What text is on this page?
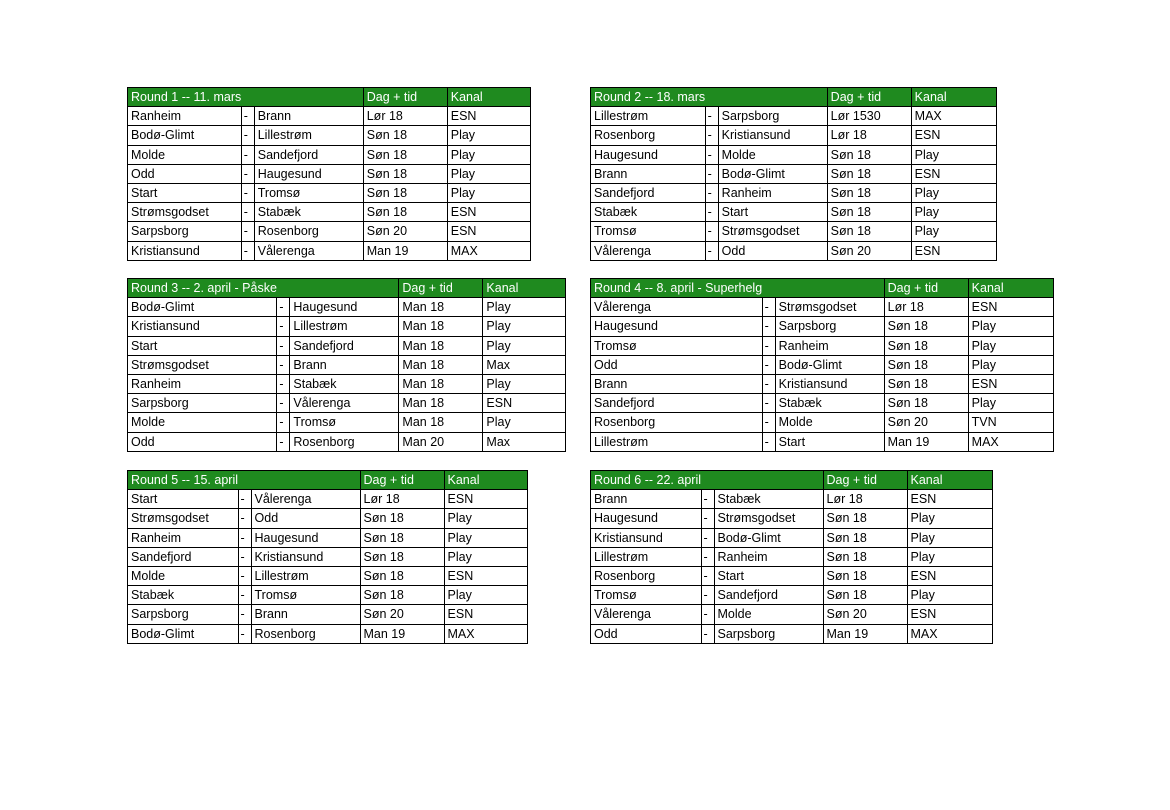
Round 1 -- 11. mars			Dag + tid	Kanal
Ranheim	-	Brann	Lør 18	ESN
Bodø-Glimt	-	Lillestrøm	Søn 18	Play
Molde	-	Sandefjord	Søn 18	Play
Odd	-	Haugesund	Søn 18	Play
Start	-	Tromsø	Søn 18	Play
Strømsgodset	-	Stabæk	Søn 18	ESN
Sarpsborg	-	Rosenborg	Søn 20	ESN
Kristiansund	-	Vålerenga	Man 19	MAX
Round 2 -- 18. mars			Dag + tid	Kanal
Lillestrøm	-	Sarpsborg	Lør 1530	MAX
Rosenborg	-	Kristiansund	Lør 18	ESN
Haugesund	-	Molde	Søn 18	Play
Brann	-	Bodø-Glimt	Søn 18	ESN
Sandefjord	-	Ranheim	Søn 18	Play
Stabæk	-	Start	Søn 18	Play
Tromsø	-	Strømsgodset	Søn 18	Play
Vålerenga	-	Odd	Søn 20	ESN
Round 3 -- 2. april - Påske			Dag + tid	Kanal
Bodø-Glimt	-	Haugesund	Man 18	Play
Kristiansund	-	Lillestrøm	Man 18	Play
Start	-	Sandefjord	Man 18	Play
Strømsgodset	-	Brann	Man 18	Max
Ranheim	-	Stabæk	Man 18	Play
Sarpsborg	-	Vålerenga	Man 18	ESN
Molde	-	Tromsø	Man 18	Play
Odd	-	Rosenborg	Man 20	Max
Round 4 -- 8. april - Superhelg			Dag + tid	Kanal
Vålerenga	-	Strømsgodset	Lør 18	ESN
Haugesund	-	Sarpsborg	Søn 18	Play
Tromsø	-	Ranheim	Søn 18	Play
Odd	-	Bodø-Glimt	Søn 18	Play
Brann	-	Kristiansund	Søn 18	ESN
Sandefjord	-	Stabæk	Søn 18	Play
Rosenborg	-	Molde	Søn 20	TVN
Lillestrøm	-	Start	Man 19	MAX
Round 5 -- 15. april			Dag + tid	Kanal
Start	-	Vålerenga	Lør 18	ESN
Strømsgodset	-	Odd	Søn 18	Play
Ranheim	-	Haugesund	Søn 18	Play
Sandefjord	-	Kristiansund	Søn 18	Play
Molde	-	Lillestrøm	Søn 18	ESN
Stabæk	-	Tromsø	Søn 18	Play
Sarpsborg	-	Brann	Søn 20	ESN
Bodø-Glimt	-	Rosenborg	Man 19	MAX
Round 6 -- 22. april			Dag + tid	Kanal
Brann	-	Stabæk	Lør 18	ESN
Haugesund	-	Strømsgodset	Søn 18	Play
Kristiansund	-	Bodø-Glimt	Søn 18	Play
Lillestrøm	-	Ranheim	Søn 18	Play
Rosenborg	-	Start	Søn 18	ESN
Tromsø	-	Sandefjord	Søn 18	Play
Vålerenga	-	Molde	Søn 20	ESN
Odd	-	Sarpsborg	Man 19	MAX
